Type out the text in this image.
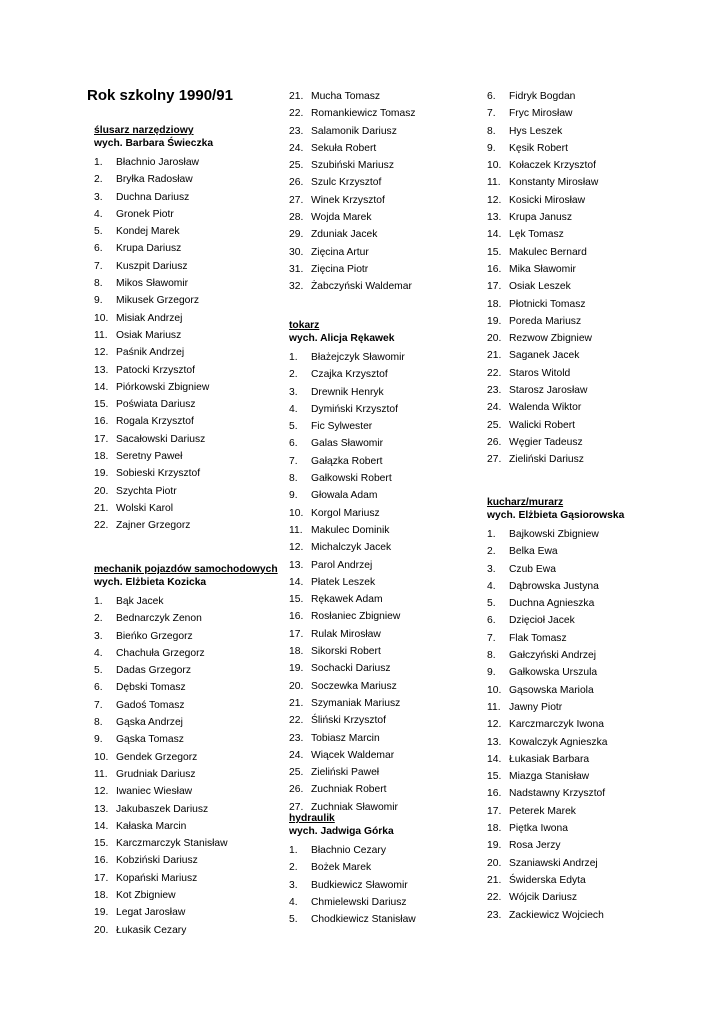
Rok szkolny 1990/91
ślusarz narzędziowy
wych. Barbara Świeczka
1. Błachnio Jarosław
2. Bryłka Radosław
3. Duchna Dariusz
4. Gronek Piotr
5. Kondej Marek
6. Krupa Dariusz
7. Kuszpit Dariusz
8. Mikos Sławomir
9. Mikusek Grzegorz
10. Misiak Andrzej
11. Osiak Mariusz
12. Paśnik Andrzej
13. Patocki Krzysztof
14. Piórkowski Zbigniew
15. Poświata Dariusz
16. Rogala Krzysztof
17. Sacałowski Dariusz
18. Seretny Paweł
19. Sobieski Krzysztof
20. Szychta Piotr
21. Wolski Karol
22. Zajner Grzegorz
mechanik pojazdów samochodowych
wych. Elżbieta Kozicka
1. Bąk Jacek
2. Bednarczyk Zenon
3. Bieńko Grzegorz
4. Chachuła Grzegorz
5. Dadas Grzegorz
6. Dębski Tomasz
7. Gadoś Tomasz
8. Gąska Andrzej
9. Gąska Tomasz
10. Gendek Grzegorz
11. Grudniak Dariusz
12. Iwaniec Wiesław
13. Jakubaszek Dariusz
14. Kałaska Marcin
15. Karczmarczyk Stanisław
16. Kobziński Dariusz
17. Kopański Mariusz
18. Kot Zbigniew
19. Legat Jarosław
20. Łukasik Cezary
21. Mucha Tomasz
22. Romankiewicz Tomasz
23. Salamonik Dariusz
24. Sekuła Robert
25. Szubiński Mariusz
26. Szulc Krzysztof
27. Winek Krzysztof
28. Wojda Marek
29. Zduniak Jacek
30. Zięcina Artur
31. Zięcina Piotr
32. Żabczyński Waldemar
tokarz
wych. Alicja Rękawek
1. Błażejczyk Sławomir
2. Czajka Krzysztof
3. Drewnik Henryk
4. Dymiński Krzysztof
5. Fic Sylwester
6. Galas Sławomir
7. Gałązka Robert
8. Gałkowski Robert
9. Głowala Adam
10. Korgol Mariusz
11. Makulec Dominik
12. Michalczyk Jacek
13. Parol Andrzej
14. Płatek Leszek
15. Rękawek Adam
16. Rosłaniec Zbigniew
17. Rulak Mirosław
18. Sikorski Robert
19. Sochacki Dariusz
20. Soczewka Mariusz
21. Szymaniak Mariusz
22. Śliński Krzysztof
23. Tobiasz Marcin
24. Wiącek Waldemar
25. Zieliński Paweł
26. Zuchniak Robert
27. Zuchniak Sławomir
hydraulik
wych. Jadwiga Górka
1. Błachnio Cezary
2. Bożek Marek
3. Budkiewicz Sławomir
4. Chmielewski Dariusz
5. Chodkiewicz Stanisław
6. Fidryk Bogdan
7. Fryc Mirosław
8. Hys Leszek
9. Kęsik Robert
10. Kołaczek Krzysztof
11. Konstanty Mirosław
12. Kosicki Mirosław
13. Krupa Janusz
14. Lęk Tomasz
15. Makulec Bernard
16. Mika Sławomir
17. Osiak Leszek
18. Płotnicki Tomasz
19. Poreda Mariusz
20. Rezwow Zbigniew
21. Saganek Jacek
22. Staros Witold
23. Starosz Jarosław
24. Walenda Wiktor
25. Walicki Robert
26. Węgier Tadeusz
27. Zieliński Dariusz
kucharz/murarz
wych. Elżbieta Gąsiorowska
1. Bajkowski Zbigniew
2. Belka Ewa
3. Czub Ewa
4. Dąbrowska Justyna
5. Duchna Agnieszka
6. Dzięcioł Jacek
7. Flak Tomasz
8. Gałczyński Andrzej
9. Gałkowska Urszula
10. Gąsowska Mariola
11. Jawny Piotr
12. Karczmarczyk Iwona
13. Kowalczyk Agnieszka
14. Łukasiak Barbara
15. Miazga Stanisław
16. Nadstawny Krzysztof
17. Peterek Marek
18. Piętka Iwona
19. Rosa Jerzy
20. Szaniawski Andrzej
21. Świderska Edyta
22. Wójcik Dariusz
23. Zackiewicz Wojciech
